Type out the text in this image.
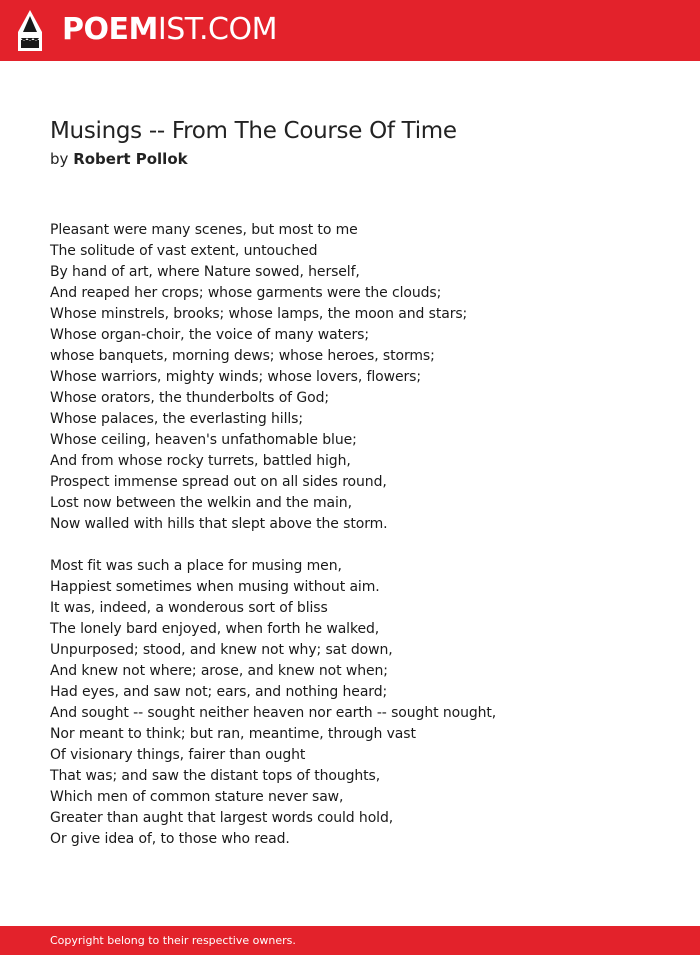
POEMIST.COM
Musings -- From The Course Of Time
by Robert Pollok
Pleasant were many scenes, but most to me
The solitude of vast extent, untouched
By hand of art, where Nature sowed, herself,
And reaped her crops; whose garments were the clouds;
Whose minstrels, brooks; whose lamps, the moon and stars;
Whose organ-choir, the voice of many waters;
whose banquets, morning dews; whose heroes, storms;
Whose warriors, mighty winds; whose lovers, flowers;
Whose orators, the thunderbolts of God;
Whose palaces, the everlasting hills;
Whose ceiling, heaven's unfathomable blue;
And from whose rocky turrets, battled high,
Prospect immense spread out on all sides round,
Lost now between the welkin and the main,
Now walled with hills that slept above the storm.
Most fit was such a place for musing men,
Happiest sometimes when musing without aim.
It was, indeed, a wonderous sort of bliss
The lonely bard enjoyed, when forth he walked,
Unpurposed; stood, and knew not why; sat down,
And knew not where; arose, and knew not when;
Had eyes, and saw not; ears, and nothing heard;
And sought -- sought neither heaven nor earth -- sought nought,
Nor meant to think; but ran, meantime, through vast
Of visionary things, fairer than ought
That was; and saw the distant tops of thoughts,
Which men of common stature never saw,
Greater than aught that largest words could hold,
Or give idea of, to those who read.
Copyright belong to their respective owners.
